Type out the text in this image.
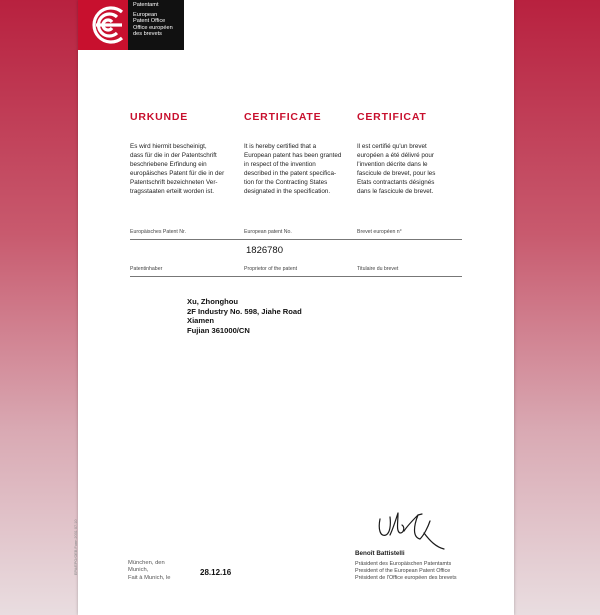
Patentamt
European
Patent Office
Office européen
des brevets
URKUNDE	CERTIFICATE	CERTIFICAT
Es wird hiermit bescheinigt,
dass für die in der Patentschrift
beschriebene Erfindung ein
europäisches Patent für die in der
Patentschrift bezeichneten Ver-
tragsstaaten erteilt worden ist.
It is hereby certified that a
European patent has been granted
in respect of the invention
described in the patent specifica-
tion for the Contracting States
designated in the specification.
Il est certifié qu'un brevet
européen a été délivré pour
l'invention décrite dans le
fascicule de brevet, pour les
Etats contractants désignés
dans le fascicule de brevet.
Europäisches Patent Nr.	European patent No.	Brevet européen n°
1826780
Patentinhaber	Proprietor of the patent	Titulaire du brevet
Xu, Zhonghou
2F Industry No. 598, Jiahe Road
Xiamen
Fujian 361000/CN
EPA/EPO/OEB Form 2031 07.10	München, den
Munich,
Fait à Munich, le
28.12.16
Benoît Battistelli
Präsident des Europäischen Patentamts
President of the European Patent Office
Président de l'Office européen des brevets
